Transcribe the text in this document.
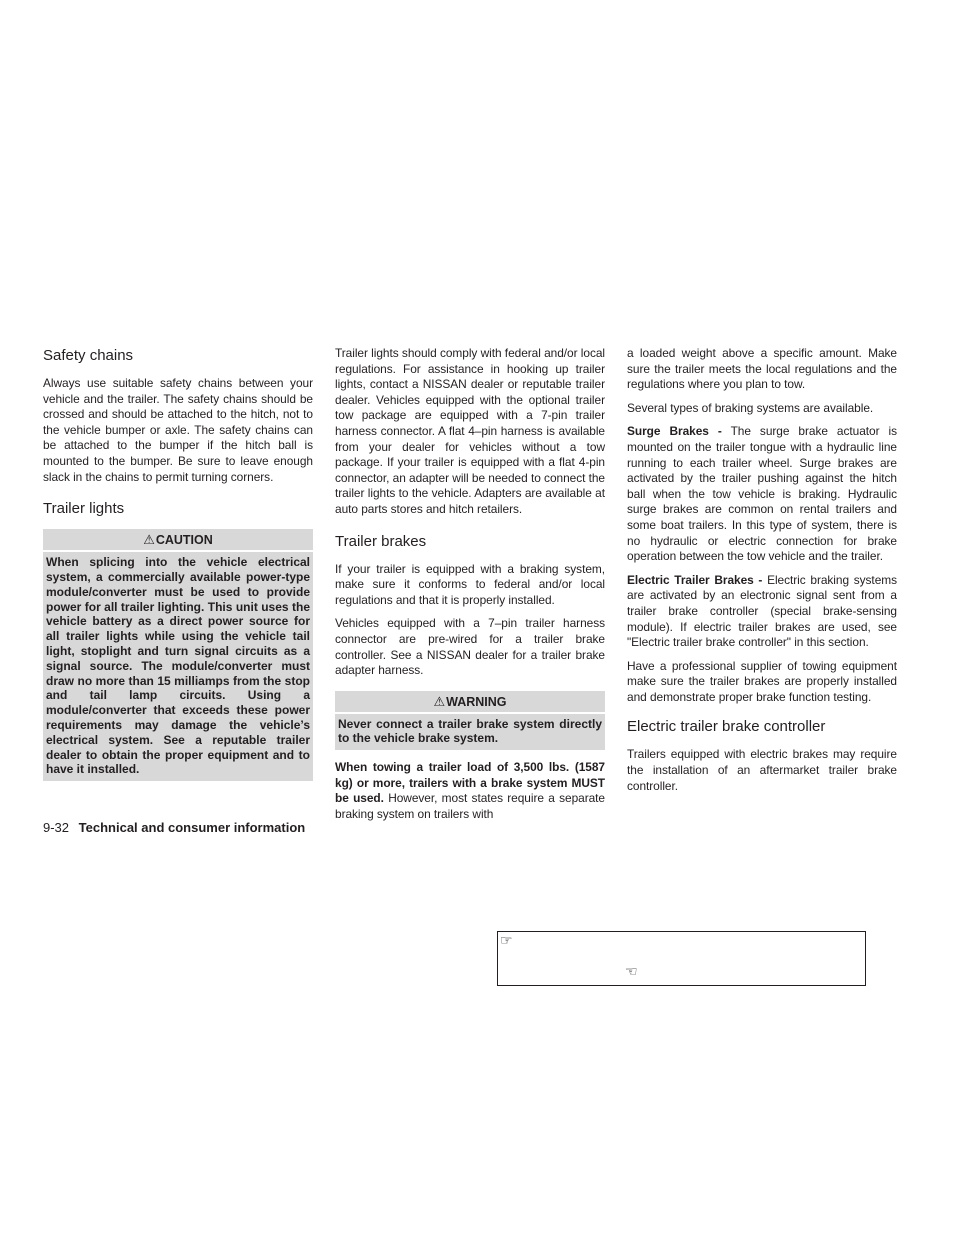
Safety chains

Always use suitable safety chains between your vehicle and the trailer. The safety chains should be crossed and should be attached to the hitch, not to the vehicle bumper or axle. The safety chains can be attached to the bumper if the hitch ball is mounted to the bumper. Be sure to leave enough slack in the chains to permit turning corners.

Trailer lights
⚠CAUTION
When splicing into the vehicle electrical system, a commercially available power-type module/converter must be used to provide power for all trailer lighting. This unit uses the vehicle battery as a direct power source for all trailer lights while using the vehicle tail light, stoplight and turn signal circuits as a signal source. The module/converter must draw no more than 15 milliamps from the stop and tail lamp circuits. Using a module/converter that exceeds these power requirements may damage the vehicle’s electrical system. See a reputable trailer dealer to obtain the proper equipment and to have it installed.

Trailer lights should comply with federal and/or local regulations. For assistance in hooking up trailer lights, contact a NISSAN dealer or reputable trailer dealer. Vehicles equipped with the optional trailer tow package are equipped with a 7-pin trailer harness connector. A flat 4–pin harness is available from your dealer for vehicles without a tow package. If your trailer is equipped with a flat 4-pin connector, an adapter will be needed to connect the trailer lights to the vehicle. Adapters are available at auto parts stores and hitch retailers.

Trailer brakes

If your trailer is equipped with a braking system, make sure it conforms to federal and/or local regulations and that it is properly installed.

Vehicles equipped with a 7–pin trailer harness connector are pre-wired for a trailer brake controller. See a NISSAN dealer for a trailer brake adapter harness.

⚠WARNING
Never connect a trailer brake system directly to the vehicle brake system.

When towing a trailer load of 3,500 lbs. (1587 kg) or more, trailers with a brake system MUST be used. However, most states require a separate braking system on trailers with

a loaded weight above a specific amount. Make sure the trailer meets the local regulations and the regulations where you plan to tow.

Several types of braking systems are available.

Surge Brakes - The surge brake actuator is mounted on the trailer tongue with a hydraulic line running to each trailer wheel. Surge brakes are activated by the trailer pushing against the hitch ball when the tow vehicle is braking. Hydraulic surge brakes are common on rental trailers and some boat trailers. In this type of system, there is no hydraulic or electric connection for brake operation between the tow vehicle and the trailer.

Electric Trailer Brakes - Electric braking systems are activated by an electronic signal sent from a trailer brake controller (special brake-sensing module). If electric trailer brakes are used, see "Electric trailer brake controller" in this section.

Have a professional supplier of towing equipment make sure the trailer brakes are properly installed and demonstrate proper brake function testing.

Electric trailer brake controller

Trailers equipped with electric brakes may require the installation of an aftermarket trailer brake controller.

9-32 Technical and consumer information
☞
☜
